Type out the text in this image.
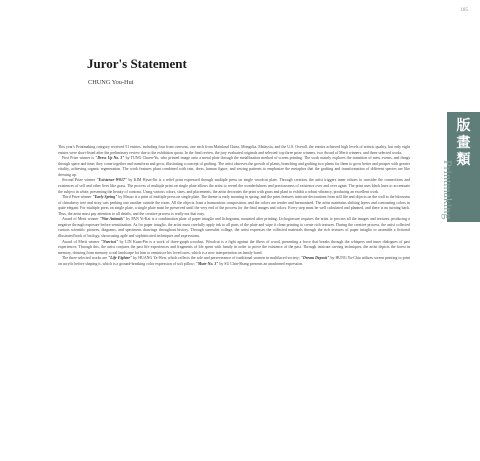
185
Juror's Statement
CHUNG You-Hui

This year's Printmaking category received 51 entries, including four from overseas, one each from Mainland China, Mongolia, Malaysia, and the U.S. Overall, the entries achieved high levels of artistic quality, but only eight entries were short-listed after the preliminary review due to the exhibition quota. In the final review, the jury evaluated originals and selected: top three prize winners, two Award of Merit winners, and three selected works.

First Prize winner is "Dress Up No. 3" by TUNG Chuen-Yu, who printed image onto a metal plate through the metallization method of screen printing. The work mainly explores the transition of men, events, and things through space and time; they come together and transform and grow, illustrating a concept of grafting. The artist observes the growth of plants, branching and grafting two plants for them to grow better and prosper with greater vitality, achieving organic regeneration. The work features plant combined with rain, dress, human figure, and sewing patterns to emphasize the metaphor that the grafting and transformation of different species are like dressing up.

Second Prize winner "Existence-W017" by KIM Hyun-Jin is a relief print expressed through multiple press on single woodcut plate. Through creation, the artist triggers inner echoes to consider the connections and existences of self and other lives like grass. The process of multiple print on single plate allows the artist to reveal the wonderfulness and preciousness of existence over and over again. The print uses black hues to accentuate the subject in white, presenting the beauty of contrast. Using various colors, sizes, and placements, the artist decorates the print with grass and plant to exhibit a robust vibrancy, producing an excellent work.

Third Prize winner "Early Spring" by Masao is a print of multiple press on single plate. The theme is early morning in spring, and the print features intricate decorations from still life and objects on the wall to the blossoms of chinaberry tree and stray cats peeking one another outside the room. All the objects form a harmonious composition, and the colors are tender and harmonized. The artist maintains shifting layers and contrasting colors in quite elegant. For multiple press on single plate, a single plate must be preserved until the very end of the process for the final images and colors. Every step must be well calculated and planned, and there is no turning back. Thus, the artist must pay attention to all details, and the creative process is really not that easy.

Award of Merit winner "War Animals" by PAN Yi-Kai is a combination plate of paper intaglio and lichograms, mounted after printing. Lichogravure requires the artist to process all the images and textures, producing a negative through exposure before sensitization. As for paper intaglio, the artist must carefully apply ink to all parts of the plate and wipe it clean printing to create rich textures. During the creative process, the artist collected various scientific pictures, diagrams, and specimens drawings throughout history. Through surrealist collage, the artist expresses the collected materials through the rich textures of paper intaglio to assemble a fictional illustrated book of biology, showcasing agile and sophisticated techniques and expressions.

Award of Merit winner "Narcissi" by LIN Kuan-Pin is a work of three-graph woodcut. Woodcut is a fight against the fibers of wood, presenting a force that breaks through the whispers and inner dialogues of past experiences. Through this, the artist conjures the past life experiences and fragments of life spent with family in order to prove the existence of the past. Through intricate carving techniques, the artist depicts the forest in memory, drawing from memory a real landscape for him to reminisce his loved ones, which is a new interpretation on family bond.

The three selected works are "Life Fighter" by HUANG Ya-Wen, which reflects the role and perseverance of traditional women in multilaced society; "Dream Deposit" by HUNG Yu-Chia utilizes screen printing to print on acrylic before shaping it, which is a ground-breaking color expression of soft pillow; "Mute-No. 3" by SU Chin-Shang presents an unadorned expression.

版
畫
類
Printmaking
